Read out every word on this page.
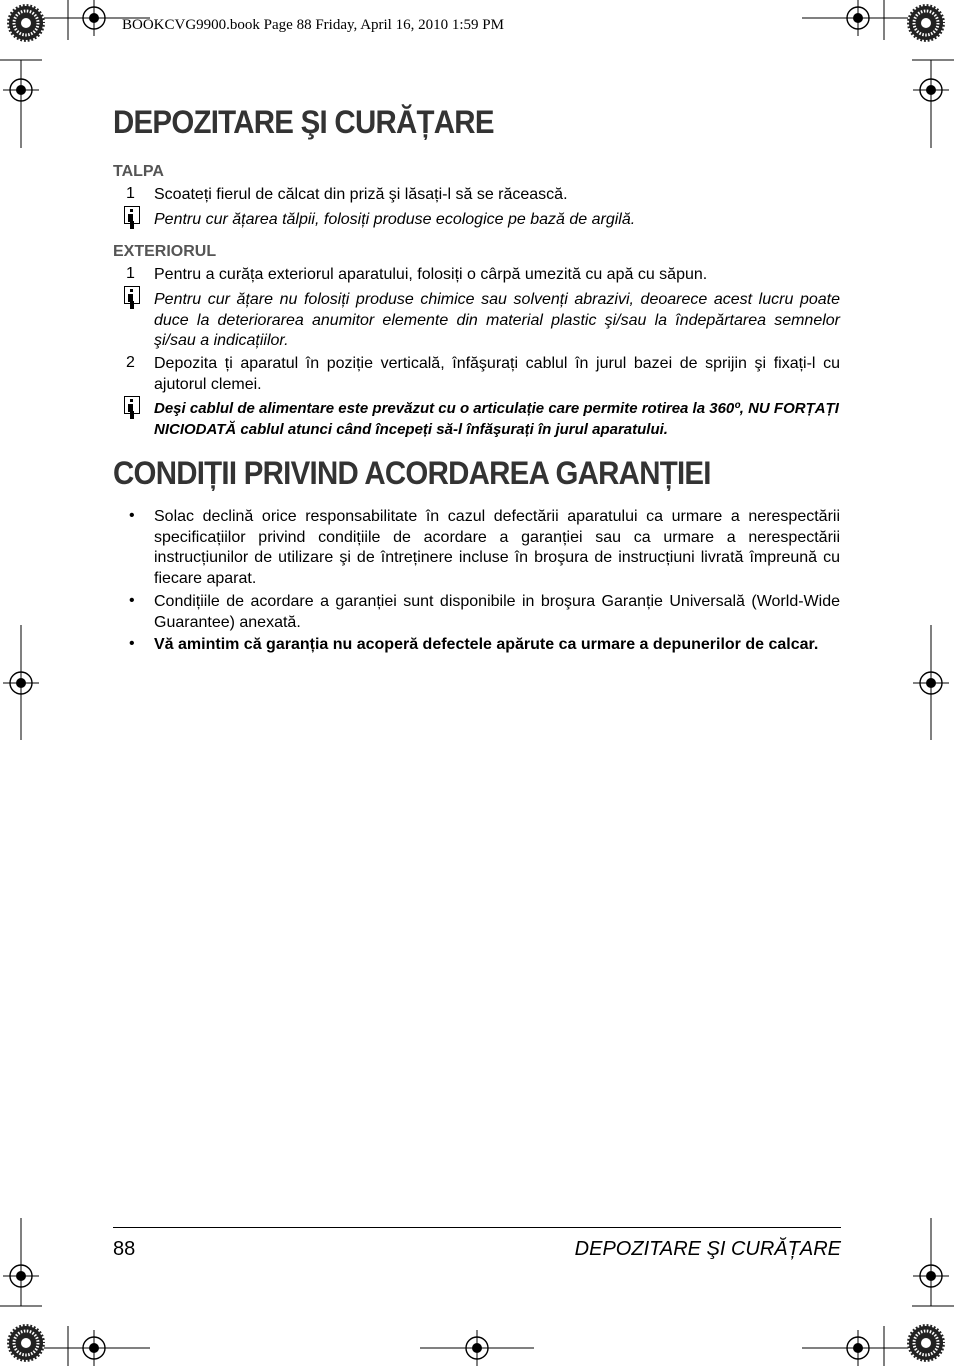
BOOKCVG9900.book Page 88 Friday, April 16, 2010 1:59 PM
DEPOZITARE ŞI CURĂȚARE
TALPA
1 Scoateți fierul de călcat din priză şi lăsați-l să se răcească.
Pentru cur ățarea tălpii, folosiți produse ecologice pe bază de argilă.
EXTERIORUL
1 Pentru a curăța exteriorul aparatului, folosiți o cârpă umezită cu apă cu săpun.
Pentru cur ățare nu folosiți produse chimice sau solvenți abrazivi, deoarece acest lucru poate duce la deteriorarea anumitor elemente din material plastic şi/sau la îndepărtarea semnelor şi/sau a indicațiilor.
2 Depozita ți aparatul în poziție verticală, înfăşurați cablul în jurul bazei de sprijin şi fixați-l cu ajutorul clemei.
Deşi cablul de alimentare este prevăzut cu o articulație care permite rotirea la 360º, NU FORȚAȚI NICIODATĂ cablul atunci când începeți să-l înfăşurați în jurul aparatului.
CONDIȚII PRIVIND ACORDAREA GARANȚIEI
• Solac declină orice responsabilitate în cazul defectării aparatului ca urmare a nerespectării specificațiilor privind condițiile de acordare a garanției sau ca urmare a nerespectării instrucțiunilor de utilizare şi de întreținere incluse în broşura de instrucțiuni livrată împreună cu fiecare aparat.
• Condițiile de acordare a garanției sunt disponibile in broşura Garanție Universală (World-Wide Guarantee) anexată.
• Vă amintim că garanția nu acoperă defectele apărute ca urmare a depunerilor de calcar.
88	DEPOZITARE ŞI CURĂȚARE
